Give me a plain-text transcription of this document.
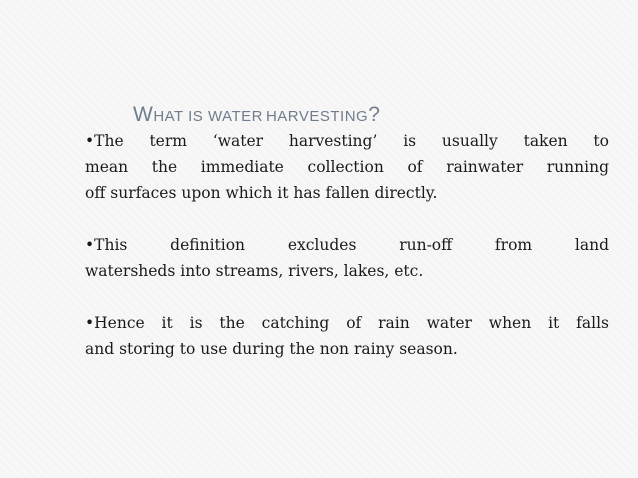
WHAT IS WATER HARVESTING?
•The term ‘water harvesting’ is usually taken to
mean the immediate collection of rainwater running
off surfaces upon which it has fallen directly.
•This definition excludes run-off from land
watersheds into streams, rivers, lakes, etc.
•Hence it is the catching of rain water when it falls
and storing to use during the non rainy season.
